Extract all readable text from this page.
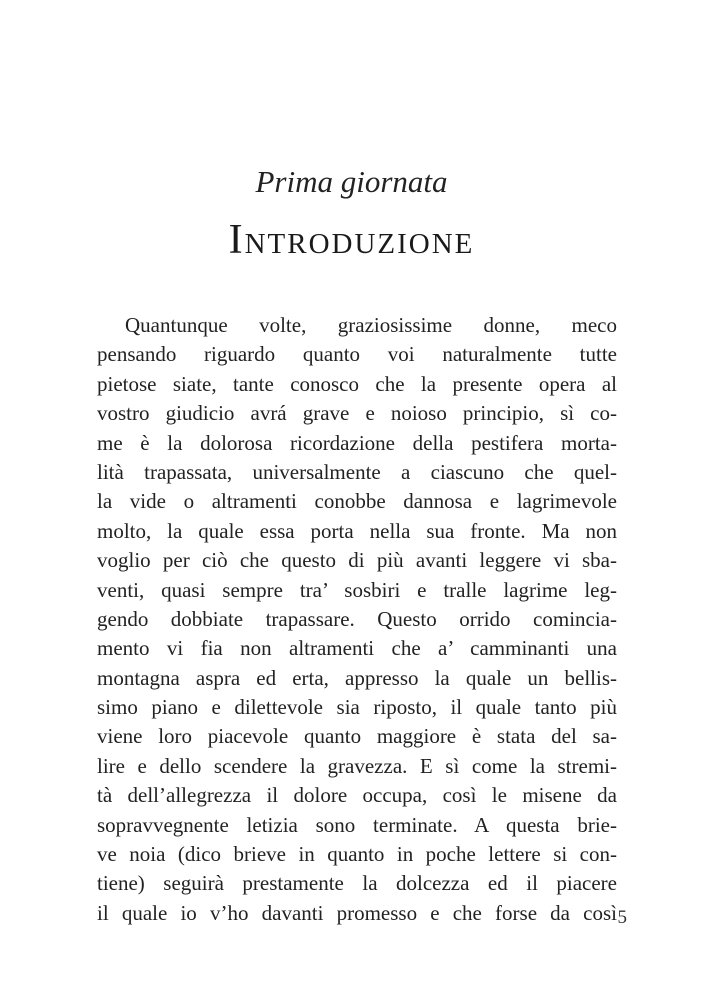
Prima giornata
Introduzione
Quantunque volte, graziosissime donne, meco
pensando riguardo quanto voi naturalmente tutte
pietose siate, tante conosco che la presente opera al
vostro giudicio avrá grave e noioso principio, sì co-
me è la dolorosa ricordazione della pestifera morta-
lità trapassata, universalmente a ciascuno che quel-
la vide o altramenti conobbe dannosa e lagrimevole
molto, la quale essa porta nella sua fronte. Ma non
voglio per ciò che questo di più avanti leggere vi sba-
venti, quasi sempre tra’ sosbiri e tralle lagrime leg-
gendo dobbiate trapassare. Questo orrido comincia-
mento vi fia non altramenti che a’ camminanti una
montagna aspra ed erta, appresso la quale un bellis-
simo piano e dilettevole sia riposto, il quale tanto più
viene loro piacevole quanto maggiore è stata del sa-
lire e dello scendere la gravezza. E sì come la stremi-
tà dell’allegrezza il dolore occupa, così le misene da
sopravvegnente letizia sono terminate. A questa brie-
ve noia (dico brieve in quanto in poche lettere si con-
tiene) seguirà prestamente la dolcezza ed il piacere
il quale io v’ho davanti promesso e che forse da così 5
